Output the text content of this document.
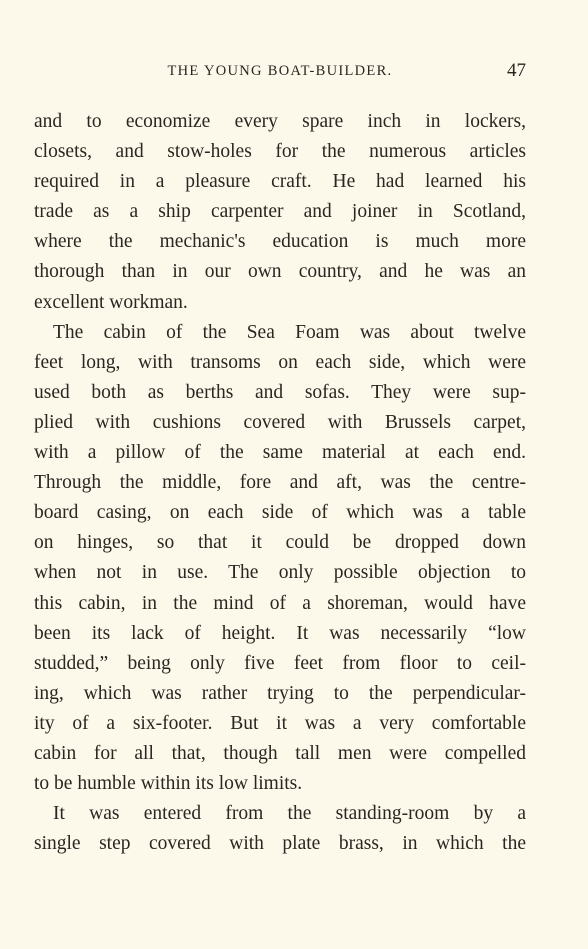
THE YOUNG BOAT-BUILDER.	47
and to economize every spare inch in lockers,
closets, and stow-holes for the numerous articles
required in a pleasure craft. He had learned his
trade as a ship carpenter and joiner in Scotland,
where the mechanic's education is much more
thorough than in our own country, and he was an
excellent workman.
The cabin of the Sea Foam was about twelve
feet long, with transoms on each side, which were
used both as berths and sofas. They were sup-
plied with cushions covered with Brussels carpet,
with a pillow of the same material at each end.
Through the middle, fore and aft, was the centre-
board casing, on each side of which was a table
on hinges, so that it could be dropped down
when not in use. The only possible objection to
this cabin, in the mind of a shoreman, would have
been its lack of height. It was necessarily “low
studded,” being only five feet from floor to ceil-
ing, which was rather trying to the perpendicular-
ity of a six-footer. But it was a very comfortable
cabin for all that, though tall men were compelled
to be humble within its low limits.
It was entered from the standing-room by a
single step covered with plate brass, in which the
